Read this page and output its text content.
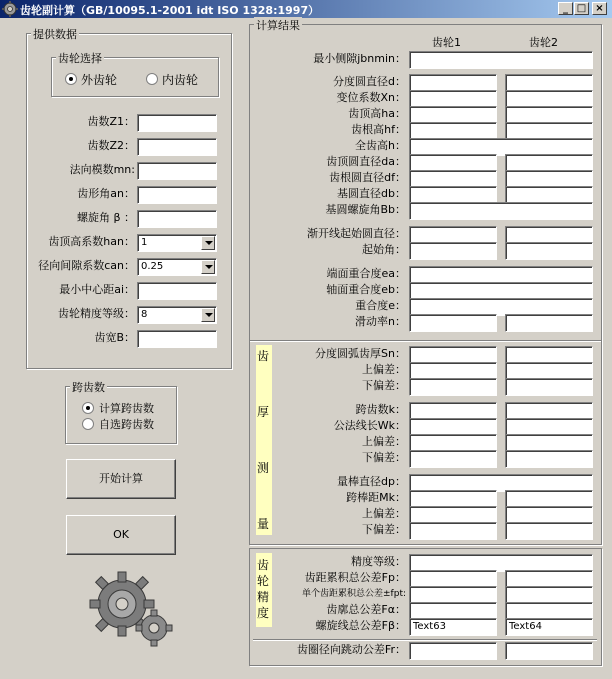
齿轮副计算（GB/10095.1-2001 idt ISO 1328:1997）	_ □ ×
提供数据
齿轮选择
外齿轮	内齿轮
齿数Z1：
齿数Z2：
法向模数mn:
齿形角an：
螺旋角 β ：
齿顶高系数han： 1
径向间隙系数can： 0.25
最小中心距ai：
齿轮精度等级： 8
齿宽B：
跨齿数
计算跨齿数
自选跨齿数
开始计算
OK
计算结果
齿轮1	齿轮2
最小侧隙jbnmin：
分度圆直径d：
变位系数Xn：
齿顶高ha：
齿根高hf：
全齿高h：
齿顶圆直径da：
齿根圆直径df：
基圆直径db：
基圆螺旋角Bb：
渐开线起始圆直径：
起始角：
端面重合度ea：
轴面重合度eb：
重合度e：
滑动率n：
齿
厚
测
量
分度圆弧齿厚Sn：
上偏差：
下偏差：
跨齿数k：
公法线长Wk：
上偏差：
下偏差：
量棒直径dp：
跨棒距Mk：
上偏差：
下偏差：
齿
轮
精
度
精度等级：
齿距累积总公差Fp：
单个齿距累积总公差±fpt:
齿廓总公差Fα：
螺旋线总公差Fβ： Text63	Text64
齿圈径向跳动公差Fr：
